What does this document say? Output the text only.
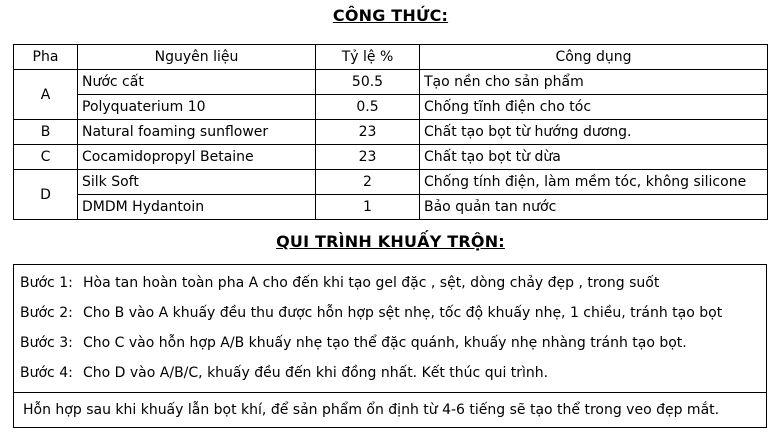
CÔNG THỨC:
Pha	Nguyên liệu	Tỷ lệ %	Công dụng
A	Nước cất	50.5	Tạo nền cho sản phẩm
	Polyquaterium 10	0.5	Chống tĩnh điện cho tóc
B	Natural foaming sunflower	23	Chất tạo bọt từ hướng dương.
C	Cocamidopropyl Betaine	23	Chất tạo bọt từ dừa
D	Silk Soft	2	Chống tính điện, làm mềm tóc, không silicone
	DMDM Hydantoin	1	Bảo quản tan nước
QUI TRÌNH KHUẤY TRỘN:
Bước 1: Hòa tan hoàn toàn pha A cho đến khi tạo gel đặc , sệt, dòng chảy đẹp , trong suốt
Bước 2: Cho B vào A khuấy đều thu được hỗn hợp sệt nhẹ, tốc độ khuấy nhẹ, 1 chiều, tránh tạo bọt
Bước 3: Cho C vào hỗn hợp A/B khuấy nhẹ tạo thể đặc quánh, khuấy nhẹ nhàng tránh tạo bọt.
Bước 4: Cho D vào A/B/C, khuấy đều đến khi đồng nhất. Kết thúc qui trình.
Hỗn hợp sau khi khuấy lẫn bọt khí, để sản phẩm ổn định từ 4-6 tiếng sẽ tạo thể trong veo đẹp mắt.
